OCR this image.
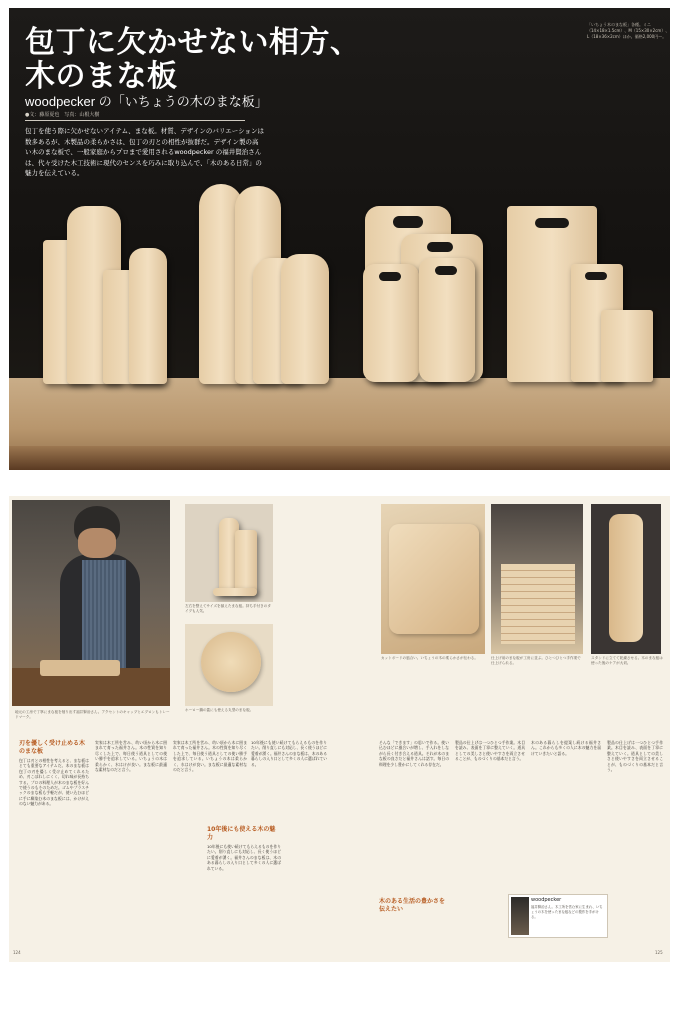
包丁に欠かせない相方、
木のまな板
woodpecker の「いちょうの木のまな板」
●文：藤原夏也　写真：山根大樹
包丁を使う際に欠かせないアイテム、まな板。材質、デザインのバリエーションは数多あるが、木製品の柔らかさは、包丁の刃との相性が抜群だ。デザイン製の高い木のまな板で、一般家庭からプロまで愛用されるwoodpecker の福井賢治さんは、代々受けた木工技術に現代のセンスを巧みに取り込んで、「木のある日常」の魅力を伝えている。
「いちょう木のまな板」各種。ミニ（14×18×1.5cm）、M（15×30×2cm）、L（18×36×2cm）ほか。価格2,000円〜。
地元の工房で丁寧にまな板を削り出す福井賢治さん。アクセントのキャップとエプロンもトレードマーク。
左右を整えてサイズを揃えたまな板。持ち手付きのタイプも人気。
ホーロー鍋の蓋にも使える丸型のまな板。
カットボードの風合い。いちょうの木の柔らかさが伝わる。	仕上げ前のまな板が工房に並ぶ。ひとつひとつ手作業で仕上げられる。
スタンドに立てて乾燥させる。木のまな板は使った後のケアが大切。
刃を優しく受け止める木のまな板
包丁は刃との相性を考えると、まな板はとても重要なアイテムだ。木のまな板は包丁の刃を優しく受け止めてくれるため、刃こぼれしにくく、切れ味が長持ちする。プロの料理人が木のまな板を好んで使うのもそのためだ。ゴムやプラスチックのまな板も手軽だが、使い込むほどに手に馴染む木のまな板には、かけがえのない魅力がある。
実家は木工所を営み、幼い頃から木に囲まれて育った福井さん。木の性質を知り尽くした上で、毎日使う道具としての使い勝手を追求している。いちょうの木は柔らかく、水はけが良い。まな板に最適な素材なのだと言う。
実家は木工所を営み、幼い頃から木に囲まれて育った福井さん。木の性質を知り尽くした上で、毎日使う道具としての使い勝手を追求している。いちょうの木は柔らかく、水はけが良い。まな板に最適な素材なのだと言う。
10年後にも使える木の魅力
10年後にも使い続けてもらえるものを作りたい。削り直しにも対応し、長く使うほどに愛着が湧く。福井さんのまな板は、木のある暮らしの入り口として多くの人に選ばれている。
10年後にも使い続けてもらえるものを作りたい。削り直しにも対応し、長く使うほどに愛着が湧く。福井さんのまな板は、木のある暮らしの入り口として多くの人に選ばれている。
そんな「できます」の思いで作る。使い込むほどに風合いが増し、手入れをしながら長く付き合える道具。それが木のまな板の良さだと福井さんは話す。毎日の料理を少し豊かにしてくれる存在だ。
木のある生活の豊かさを伝えたい
製品の仕上げは一つひとつ手作業。木目を読み、表面を丁寧に整えていく。道具としての美しさと使いやすさを両立させることが、ものづくりの基本だと言う。
木のある暮らしを提案し続ける福井さん。これからも多くの人に木の魅力を届けていきたいと語る。
製品の仕上げは一つひとつ手作業。木目を読み、表面を丁寧に整えていく。道具としての美しさと使いやすさを両立させることが、ものづくりの基本だと言う。
woodpecker
福井賢治さん。木工所を営む家に生まれ、いちょうの木を使ったまな板などの製作を手がける。
124	125
